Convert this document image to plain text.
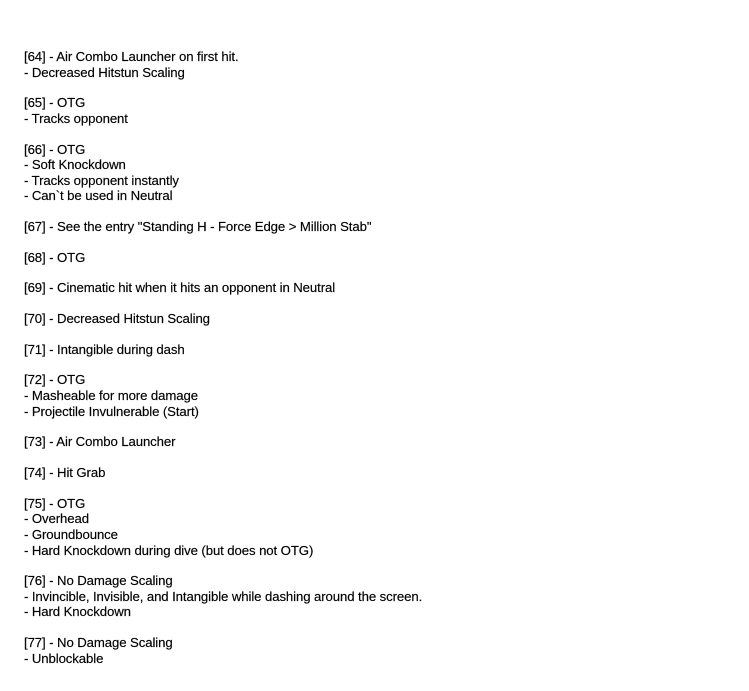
[64] - Air Combo Launcher on first hit.
- Decreased Hitstun Scaling
[65] - OTG
- Tracks opponent
[66] - OTG
- Soft Knockdown
- Tracks opponent instantly
- Can`t be used in Neutral
[67] - See the entry "Standing H - Force Edge > Million Stab"
[68] - OTG
[69] - Cinematic hit when it hits an opponent in Neutral
[70] - Decreased Hitstun Scaling
[71] - Intangible during dash
[72] - OTG
- Masheable for more damage
- Projectile Invulnerable (Start)
[73] - Air Combo Launcher
[74] - Hit Grab
[75] - OTG
- Overhead
- Groundbounce
- Hard Knockdown during dive (but does not OTG)
[76] - No Damage Scaling
- Invincible, Invisible, and Intangible while dashing around the screen.
- Hard Knockdown
[77] - No Damage Scaling
- Unblockable
